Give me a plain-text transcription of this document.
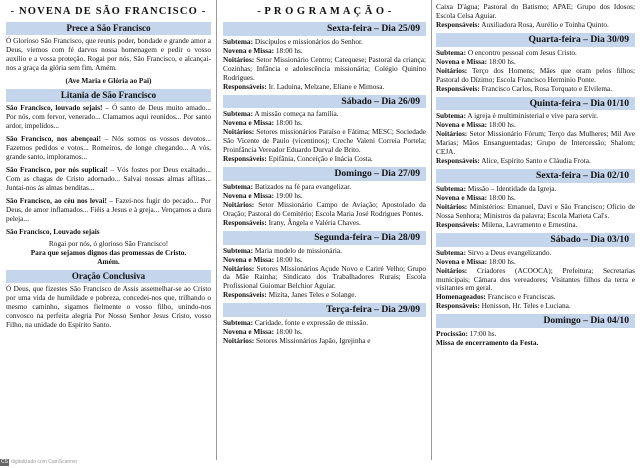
- NOVENA DE SÃO FRANCISCO -
Prece a São Francisco

Ó Glorioso São Francisco, que reunis poder, bondade e grande amor a Deus, viemos com fé darvos nossa homenagem e pedir o vosso auxílio e a vossa proteção. Rogai por nós, São Francisco, e alcançai-nos a graça da glória sem fim. Amém.

(Ave Maria e Glória ao Pai)

Litania de São Francisco

São Francisco, louvado sejais! – Ó santo de Deus muito amado... Por nós, com fervor, venerado... Clamamos aqui reunidos... Por santo ardor, impelidos...

São Francisco, nos abençoai! – Nós somos os vossos devotos... Fazemos pedidos e votos... Romeiros, de longe chegando... A vós, grande santo, imploramos...

São Francisco, por nós suplicai! – Vós fostes por Deus exaltado... Com as chagas de Cristo adornado... Salvai nossas almas aflitas... Juntai-nos às almas benditas...

São Francisco, ao céu nos levai! – Fazei-nos fugir do pecado... Por Deus, de amor inflamados... Fiéis a Jesus e à greja... Vençamos a dura peleja...

São Francisco, Louvado sejais

Rogai por nós, ó glorioso São Francisco!

Para que sejamos dignos das promessas de Cristo. Amém.

Oração Conclusiva

Ó Deus, que fizestes São Francisco de Assis assemelhar-se ao Cristo por uma vida de humildade e pobreza, concedei-nos que, trilhando o mesmo caminho, sigamos fielmente o vosso filho, unindo-nos convosco na perfeita alegria Por Nosso Senhor Jesus Cristo, vosso Filho, na unidade do Espírito Santo.

- P R O G R A M A Ç Ã O -
Sexta-feira – Dia 25/09

Subtema: Discípulos e missionários do Senhor.

Novena e Missa: 18:00 hs.

Noitários: Setor Missionário Centro; Catequese; Pastoral da criança; Cozinhas; Infância e adolescência missionária; Colégio Quinino Rodrigues.

Responsáveis: Ir. Laduina, Melzane, Eliane e Mimosa.

Sábado – Dia 26/09

Subtema: A missão começa na família.

Novena e Missa: 18:00 hs.

Noitários: Setores missionários Paraíso e Fátima; MESC; Sociedade São Vicente de Paulo (vicentinos); Creche Valeni Correia Portela; Proinfância Vereador Eduardo Durval de Brito.

Responsáveis: Epifânia, Conceição e Inácia Costa.

Domingo – Dia 27/09

Subtema: Batizados na fé para evangelizar.

Novena e Missa: 19:00 hs.

Noitários: Setor Missionário Campo de Aviação; Apostolado da Oração; Pastoral do Cemitério; Escola Maria José Rodrigues Pontes.

Responsáveis: Irany, Ângela e Valéria Chaves.

Segunda-feira – Dia 28/09

Subtema: Maria modelo de missionária.

Novena e Missa: 18:00 hs.

Noitários: Setores Missionários Açude Novo e Cariré Velho; Grupo da Mãe Rainha; Sindicato dos Trabalhadores Rurais; Escola Profissional Guiomar Belchior Aguiar.

Responsáveis: Mizita, Janes Teles e Solange.

Terça-feira – Dia 29/09

Subtema: Caridade, fonte e expressão de missão.

Novena e Missa: 18:00 hs.

Noitários: Setores Missionários Japão, Igrejinha e

Caixa D'água; Pastoral do Batismo; APAE; Grupo dos Idosos; Escola Celsa Aguiar.

Responsáveis: Auxiliadora Rosa, Aurélio e Toinha Quinto.

Quarta-feira – Dia 30/09

Subtema: O encontro pessoal com Jesus Cristo.

Novena e Missa: 18:00 hs.

Noitários: Terço dos Homens; Mães que oram pelos filhos; Pastoral do Dízimo; Escola Francisco Herminio Ponte.

Responsáveis: Francisco Carlos, Rosa Torquato e Elvilema.

Quinta-feira – Dia 01/10

Subtema: A igreja é multiministerial e vive para servir.

Novena e Missa: 18:00 hs.

Noitários: Setor Missionário Fórum; Terço das Mulheres; Mil Ave Marias; Mãos Ensanguentadas; Grupo de Intercessão; Shalom; CEJA.

Responsáveis: Alice, Espírito Santo e Cláudia Frota.

Sexta-feira – Dia 02/10

Subtema: Missão – Identidade da Igreja.

Novena e Missa: 18:00 hs.

Noitários: Ministérios: Emanuel, Davi e São Francisco; Ofício de Nossa Senhora; Ministros da palavra; Escola Marieta Cal's.

Responsáveis: Milena, Lavramento e Ernestina.

Sábado – Dia 03/10

Subtema: Sirvo a Deus evangelizando.

Novena e Missa: 18:00 hs.

Noitários: Criadores (ACOOCA); Prefeitura; Secretarias municipais; Câmara dos vereadores; Visitantes filhos da terra e visitantes em geral.

Homenageados: Francisco e Franciscas.

Responsáveis: Henisson, Hr. Teles e Luciana.

Domingo – Dia 04/10

Procissão: 17:00 hs.

Missa de encerramento da Festa.

CS digitalizado com CamScanner
